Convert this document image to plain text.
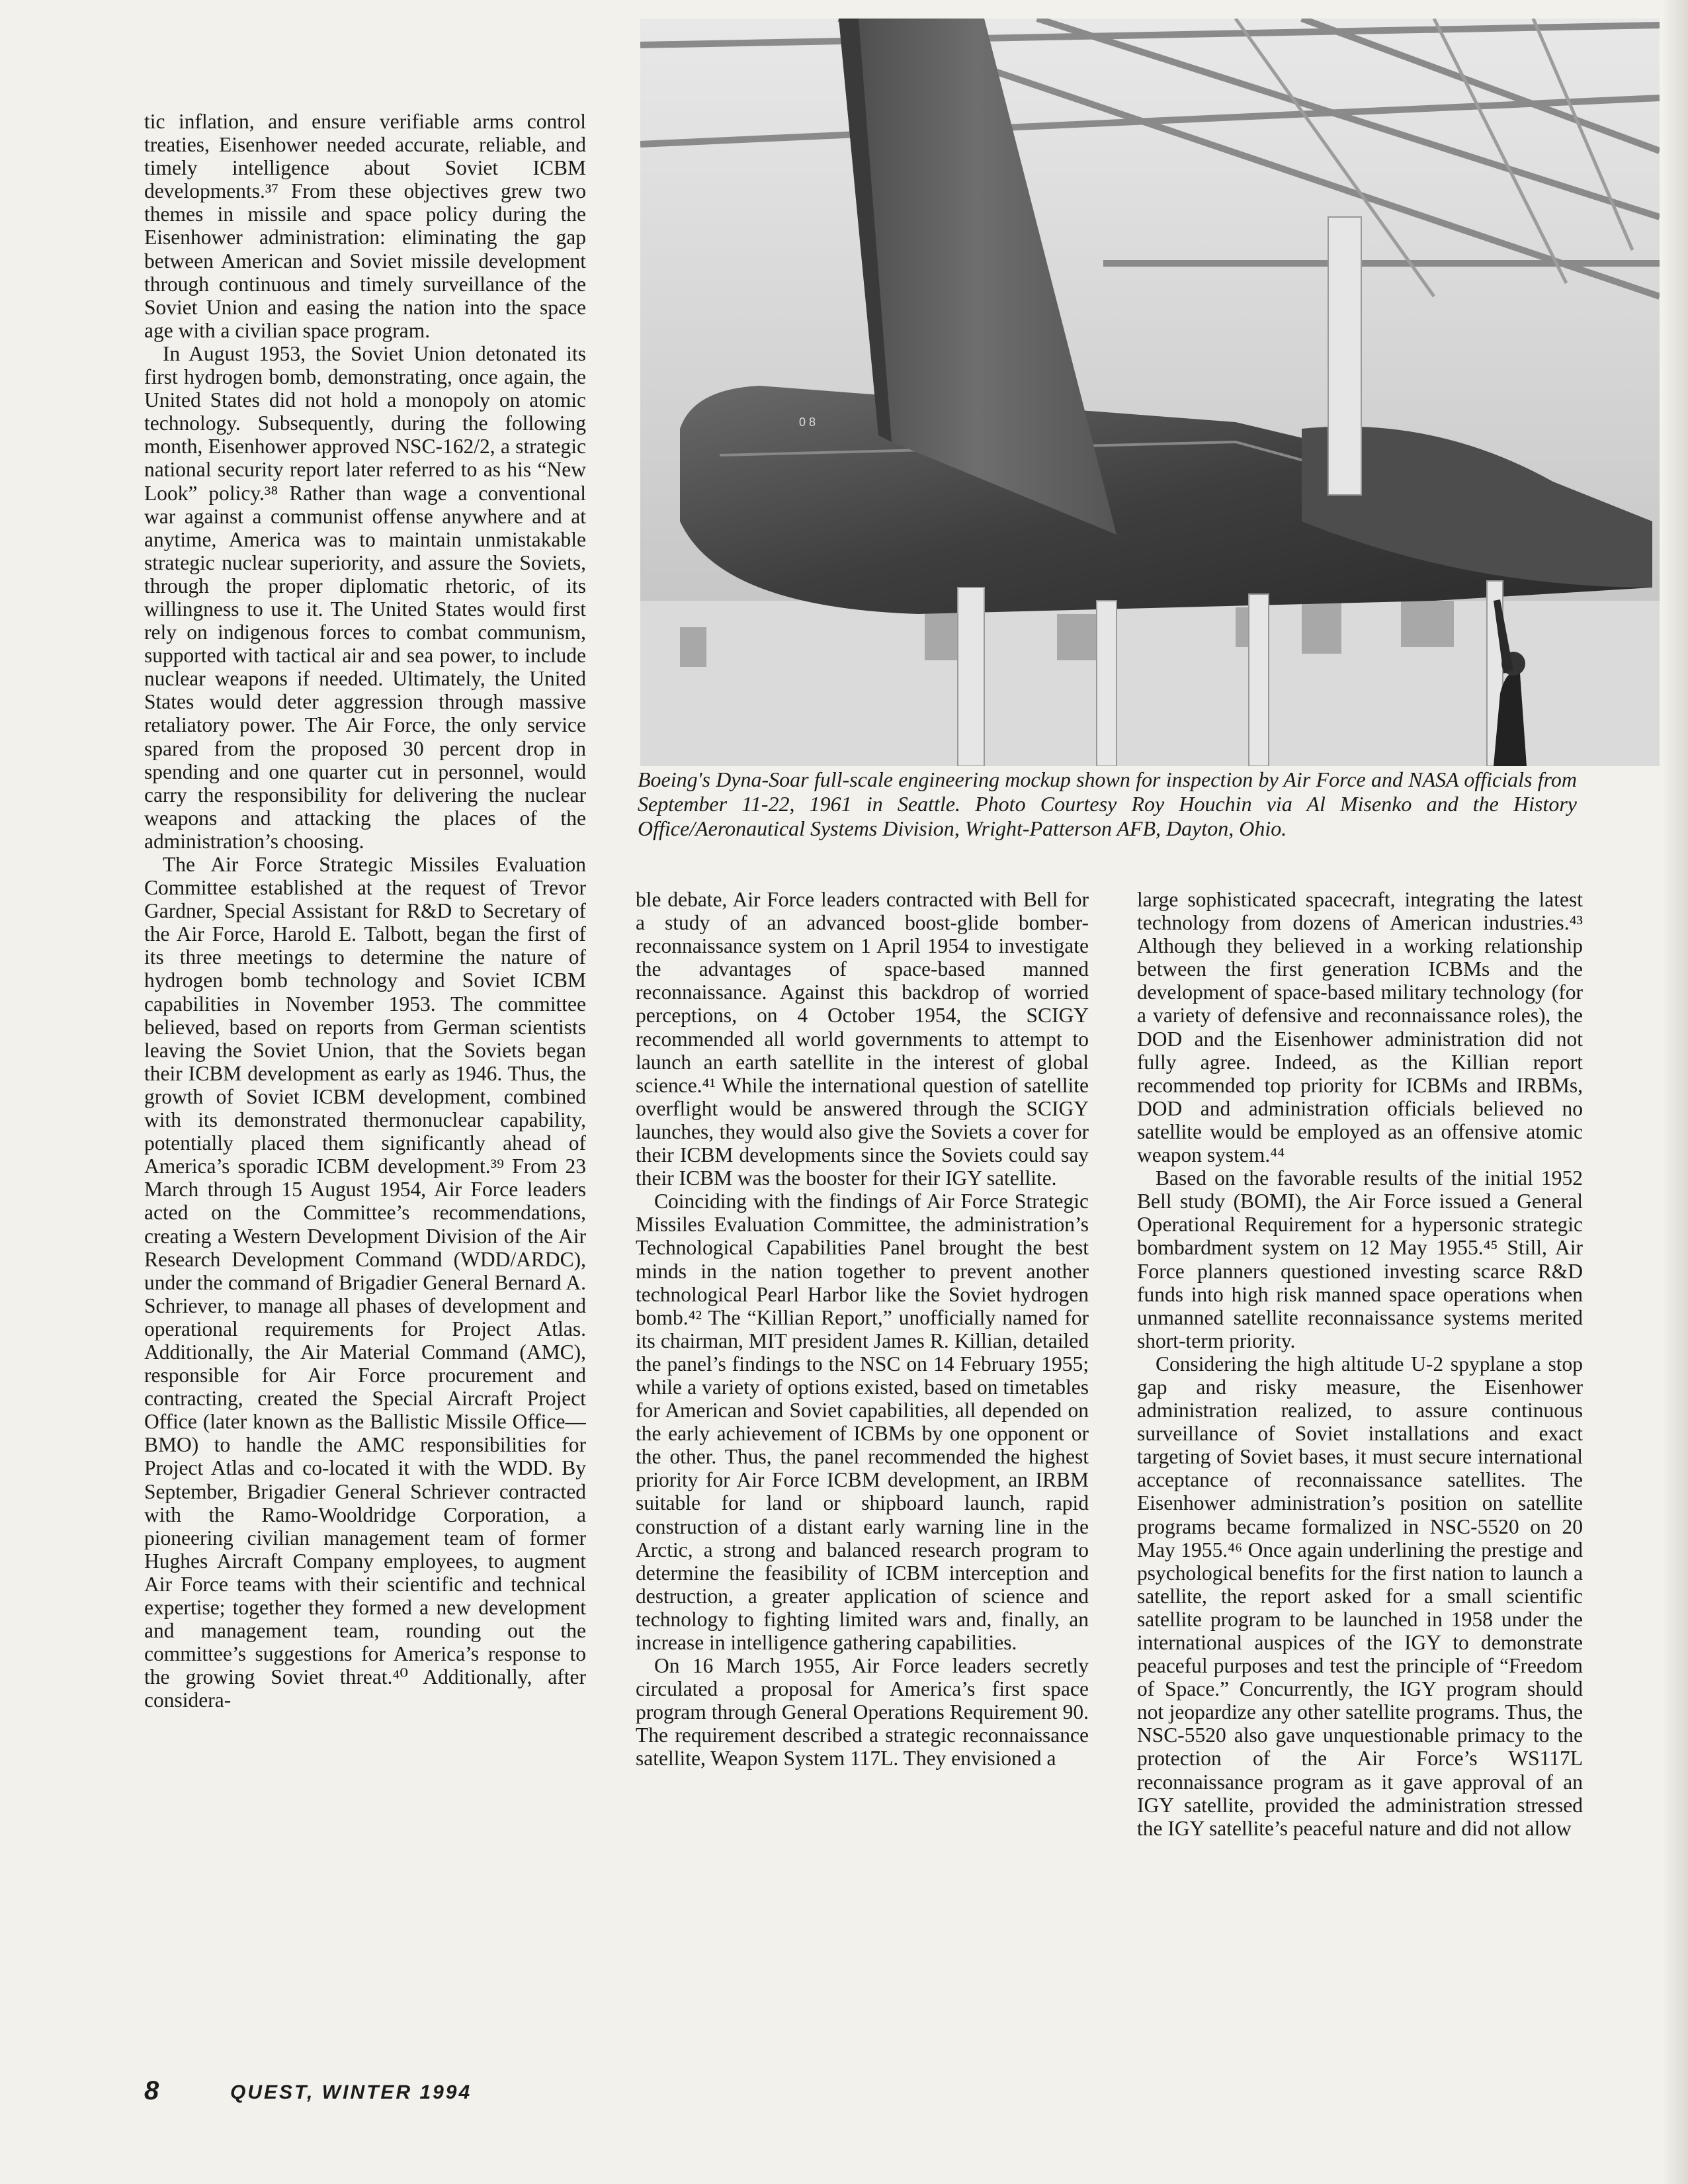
tic inflation, and ensure verifiable arms control treaties, Eisenhower needed accurate, reliable, and timely intelligence about Soviet ICBM developments.³⁷ From these objectives grew two themes in missile and space policy during the Eisenhower administration: eliminating the gap between American and Soviet missile development through continuous and timely surveillance of the Soviet Union and easing the nation into the space age with a civilian space program.

In August 1953, the Soviet Union detonated its first hydrogen bomb, demonstrating, once again, the United States did not hold a monopoly on atomic technology. Subsequently, during the following month, Eisenhower approved NSC-162/2, a strategic national security report later referred to as his “New Look” policy.³⁸ Rather than wage a conventional war against a communist offense anywhere and at anytime, America was to maintain unmistakable strategic nuclear superiority, and assure the Soviets, through the proper diplomatic rhetoric, of its willingness to use it. The United States would first rely on indigenous forces to combat communism, supported with tactical air and sea power, to include nuclear weapons if needed. Ultimately, the United States would deter aggression through massive retaliatory power. The Air Force, the only service spared from the proposed 30 percent drop in spending and one quarter cut in personnel, would carry the responsibility for delivering the nuclear weapons and attacking the places of the administration’s choosing.

The Air Force Strategic Missiles Evaluation Committee established at the request of Trevor Gardner, Special Assistant for R&D to Secretary of the Air Force, Harold E. Talbott, began the first of its three meetings to determine the nature of hydrogen bomb technology and Soviet ICBM capabilities in November 1953. The committee believed, based on reports from German scientists leaving the Soviet Union, that the Soviets began their ICBM development as early as 1946. Thus, the growth of Soviet ICBM development, combined with its demonstrated thermonuclear capability, potentially placed them significantly ahead of America’s sporadic ICBM development.³⁹ From 23 March through 15 August 1954, Air Force leaders acted on the Committee’s recommendations, creating a Western Development Division of the Air Research Development Command (WDD/ARDC), under the command of Brigadier General Bernard A. Schriever, to manage all phases of development and operational requirements for Project Atlas. Additionally, the Air Material Command (AMC), responsible for Air Force procurement and contracting, created the Special Aircraft Project Office (later known as the Ballistic Missile Office—BMO) to handle the AMC responsibilities for Project Atlas and co-located it with the WDD. By September, Brigadier General Schriever contracted with the Ramo-Wooldridge Corporation, a pioneering civilian management team of former Hughes Aircraft Company employees, to augment Air Force teams with their scientific and technical expertise; together they formed a new development and management team, rounding out the committee’s suggestions for America’s response to the growing Soviet threat.⁴⁰ Additionally, after considera-

0 8
Boeing's Dyna-Soar full-scale engineering mockup shown for inspection by Air Force and NASA officials from September 11-22, 1961 in Seattle. Photo Courtesy Roy Houchin via Al Misenko and the History Office/Aeronautical Systems Division, Wright-Patterson AFB, Dayton, Ohio.

ble debate, Air Force leaders contracted with Bell for a study of an advanced boost-glide bomber-reconnaissance system on 1 April 1954 to investigate the advantages of space-based manned reconnaissance. Against this backdrop of worried perceptions, on 4 October 1954, the SCIGY recommended all world governments to attempt to launch an earth satellite in the interest of global science.⁴¹ While the international question of satellite overflight would be answered through the SCIGY launches, they would also give the Soviets a cover for their ICBM developments since the Soviets could say their ICBM was the booster for their IGY satellite.

Coinciding with the findings of Air Force Strategic Missiles Evaluation Committee, the administration’s Technological Capabilities Panel brought the best minds in the nation together to prevent another technological Pearl Harbor like the Soviet hydrogen bomb.⁴² The “Killian Report,” unofficially named for its chairman, MIT president James R. Killian, detailed the panel’s findings to the NSC on 14 February 1955; while a variety of options existed, based on timetables for American and Soviet capabilities, all depended on the early achievement of ICBMs by one opponent or the other. Thus, the panel recommended the highest priority for Air Force ICBM development, an IRBM suitable for land or shipboard launch, rapid construction of a distant early warning line in the Arctic, a strong and balanced research program to determine the feasibility of ICBM interception and destruction, a greater application of science and technology to fighting limited wars and, finally, an increase in intelligence gathering capabilities.

On 16 March 1955, Air Force leaders secretly circulated a proposal for America’s first space program through General Operations Requirement 90. The requirement described a strategic reconnaissance satellite, Weapon System 117L. They envisioned a

large sophisticated spacecraft, integrating the latest technology from dozens of American industries.⁴³ Although they believed in a working relationship between the first generation ICBMs and the development of space-based military technology (for a variety of defensive and reconnaissance roles), the DOD and the Eisenhower administration did not fully agree. Indeed, as the Killian report recommended top priority for ICBMs and IRBMs, DOD and administration officials believed no satellite would be employed as an offensive atomic weapon system.⁴⁴

Based on the favorable results of the initial 1952 Bell study (BOMI), the Air Force issued a General Operational Requirement for a hypersonic strategic bombardment system on 12 May 1955.⁴⁵ Still, Air Force planners questioned investing scarce R&D funds into high risk manned space operations when unmanned satellite reconnaissance systems merited short-term priority.

Considering the high altitude U-2 spyplane a stop gap and risky measure, the Eisenhower administration realized, to assure continuous surveillance of Soviet installations and exact targeting of Soviet bases, it must secure international acceptance of reconnaissance satellites. The Eisenhower administration’s position on satellite programs became formalized in NSC-5520 on 20 May 1955.⁴⁶ Once again underlining the prestige and psychological benefits for the first nation to launch a satellite, the report asked for a small scientific satellite program to be launched in 1958 under the international auspices of the IGY to demonstrate peaceful purposes and test the principle of “Freedom of Space.” Concurrently, the IGY program should not jeopardize any other satellite programs. Thus, the NSC-5520 also gave unquestionable primacy to the protection of the Air Force’s WS117L reconnaissance program as it gave approval of an IGY satellite, provided the administration stressed the IGY satellite’s peaceful nature and did not allow

8	QUEST, WINTER 1994
